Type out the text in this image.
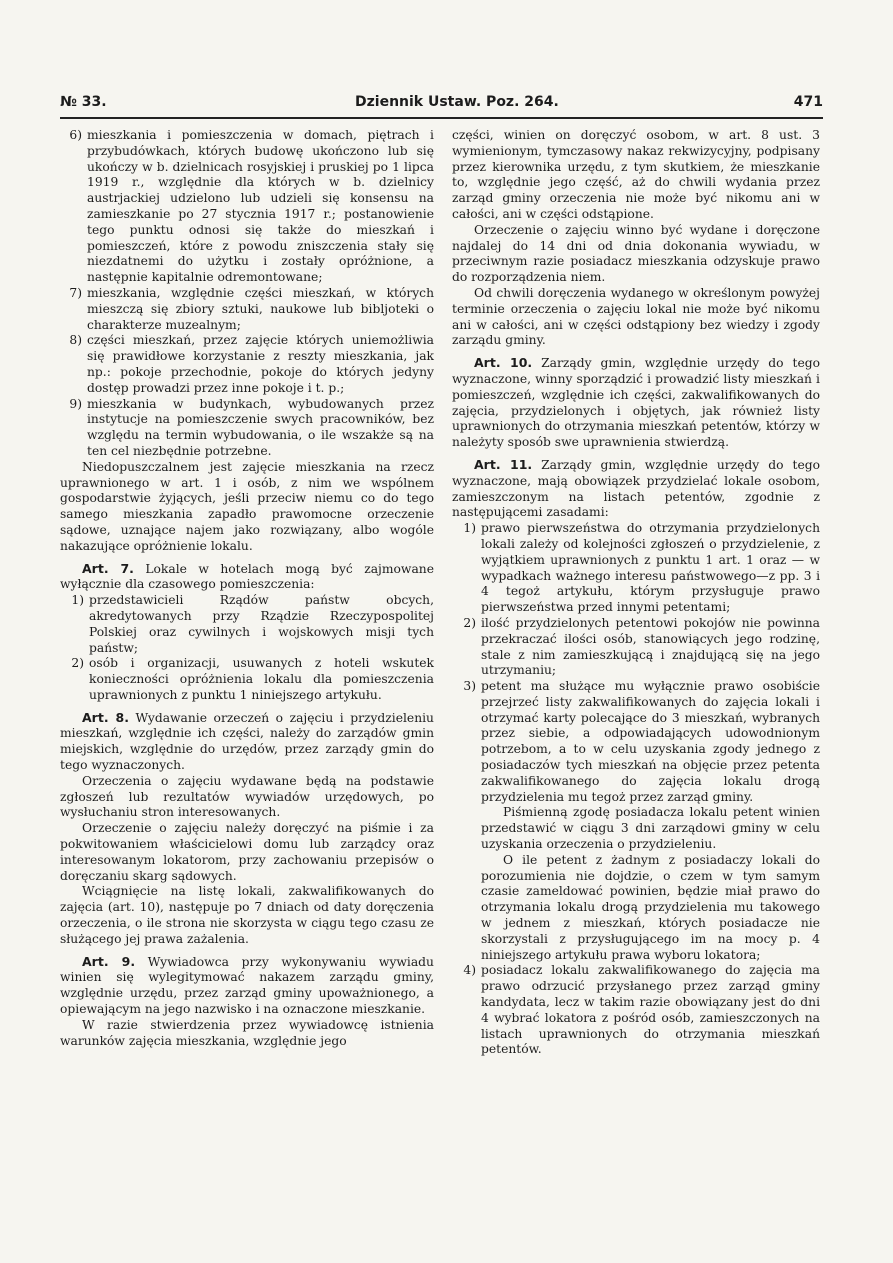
№ 33.	Dziennik Ustaw. Poz. 264.	471
6) mieszkania i pomieszczenia w domach, piętrach i przybudówkach, których budowę ukończono lub się ukończy w b. dzielnicach rosyjskiej i pruskiej po 1 lipca 1919 r., względnie dla których w b. dzielnicy austrjackiej udzielono lub udzieli się konsensu na zamieszkanie po 27 stycznia 1917 r.; postanowienie tego punktu odnosi się także do mieszkań i pomieszczeń, które z powodu zniszczenia stały się niezdatnemi do użytku i zostały opróżnione, a następnie kapitalnie odremontowane;
7) mieszkania, względnie części mieszkań, w których mieszczą się zbiory sztuki, naukowe lub bibljoteki o charakterze muzealnym;
8) części mieszkań, przez zajęcie których uniemożliwia się prawidłowe korzystanie z reszty mieszkania, jak np.: pokoje przechodnie, pokoje do których jedyny dostęp prowadzi przez inne pokoje i t. p.;
9) mieszkania w budynkach, wybudowanych przez instytucje na pomieszczenie swych pracowników, bez względu na termin wybudowania, o ile wszakże są na ten cel niezbędnie potrzebne.

Niedopuszczalnem jest zajęcie mieszkania na rzecz uprawnionego w art. 1 i osób, z nim we wspólnem gospodarstwie żyjących, jeśli przeciw niemu co do tego samego mieszkania zapadło prawomocne orzeczenie sądowe, uznające najem jako rozwiązany, albo wogóle nakazujące opróżnienie lokalu.

Art. 7. Lokale w hotelach mogą być zajmowane wyłącznie dla czasowego pomieszczenia:

1) przedstawicieli Rządów państw obcych, akredytowanych przy Rządzie Rzeczypospolitej Polskiej oraz cywilnych i wojskowych misji tych państw;
2) osób i organizacji, usuwanych z hoteli wskutek konieczności opróżnienia lokalu dla pomieszczenia uprawnionych z punktu 1 niniejszego artykułu.

Art. 8. Wydawanie orzeczeń o zajęciu i przydzieleniu mieszkań, względnie ich części, należy do zarządów gmin miejskich, względnie do urzędów, przez zarządy gmin do tego wyznaczonych.

Orzeczenia o zajęciu wydawane będą na podstawie zgłoszeń lub rezultatów wywiadów urzędowych, po wysłuchaniu stron interesowanych.

Orzeczenie o zajęciu należy doręczyć na piśmie i za pokwitowaniem właścicielowi domu lub zarządcy oraz interesowanym lokatorom, przy zachowaniu przepisów o doręczaniu skarg sądowych.

Wciągnięcie na listę lokali, zakwalifikowanych do zajęcia (art. 10), następuje po 7 dniach od daty doręczenia orzeczenia, o ile strona nie skorzysta w ciągu tego czasu ze służącego jej prawa zażalenia.

Art. 9. Wywiadowca przy wykonywaniu wywiadu winien się wylegitymować nakazem zarządu gminy, względnie urzędu, przez zarząd gminy upoważnionego, a opiewającym na jego nazwisko i na oznaczone mieszkanie.

W razie stwierdzenia przez wywiadowcę istnienia warunków zajęcia mieszkania, względnie jego

części, winien on doręczyć osobom, w art. 8 ust. 3 wymienionym, tymczasowy nakaz rekwizycyjny, podpisany przez kierownika urzędu, z tym skutkiem, że mieszkanie to, względnie jego część, aż do chwili wydania przez zarząd gminy orzeczenia nie może być nikomu ani w całości, ani w części odstąpione.

Orzeczenie o zajęciu winno być wydane i doręczone najdalej do 14 dni od dnia dokonania wywiadu, w przeciwnym razie posiadacz mieszkania odzyskuje prawo do rozporządzenia niem.

Od chwili doręczenia wydanego w określonym powyżej terminie orzeczenia o zajęciu lokal nie może być nikomu ani w całości, ani w części odstąpiony bez wiedzy i zgody zarządu gminy.

Art. 10. Zarządy gmin, względnie urzędy do tego wyznaczone, winny sporządzić i prowadzić listy mieszkań i pomieszczeń, względnie ich części, zakwalifikowanych do zajęcia, przydzielonych i objętych, jak również listy uprawnionych do otrzymania mieszkań petentów, którzy w należyty sposób swe uprawnienia stwierdzą.

Art. 11. Zarządy gmin, względnie urzędy do tego wyznaczone, mają obowiązek przydzielać lokale osobom, zamieszczonym na listach petentów, zgodnie z następującemi zasadami:

1) prawo pierwszeństwa do otrzymania przydzielonych lokali zależy od kolejności zgłoszeń o przydzielenie, z wyjątkiem uprawnionych z punktu 1 art. 1 oraz — w wypadkach ważnego interesu państwowego—z pp. 3 i 4 tegoż artykułu, którym przysługuje prawo pierwszeństwa przed innymi petentami;
2) ilość przydzielonych petentowi pokojów nie powinna przekraczać ilości osób, stanowiących jego rodzinę, stale z nim zamieszkującą i znajdującą się na jego utrzymaniu;
3) petent ma służące mu wyłącznie prawo osobiście przejrzeć listy zakwalifikowanych do zajęcia lokali i otrzymać karty polecające do 3 mieszkań, wybranych przez siebie, a odpowiadających udowodnionym potrzebom, a to w celu uzyskania zgody jednego z posiadaczów tych mieszkań na objęcie przez petenta zakwalifikowanego do zajęcia lokalu drogą przydzielenia mu tegoż przez zarząd gminy.

Piśmienną zgodę posiadacza lokalu petent winien przedstawić w ciągu 3 dni zarządowi gminy w celu uzyskania orzeczenia o przydzieleniu.

O ile petent z żadnym z posiadaczy lokali do porozumienia nie dojdzie, o czem w tym samym czasie zameldować powinien, będzie miał prawo do otrzymania lokalu drogą przydzielenia mu takowego w jednem z mieszkań, których posiadacze nie skorzystali z przysługującego im na mocy p. 4 niniejszego artykułu prawa wyboru lokatora;

4) posiadacz lokalu zakwalifikowanego do zajęcia ma prawo odrzucić przysłanego przez zarząd gminy kandydata, lecz w takim razie obowiązany jest do dni 4 wybrać lokatora z pośród osób, zamieszczonych na listach uprawnionych do otrzymania mieszkań petentów.
